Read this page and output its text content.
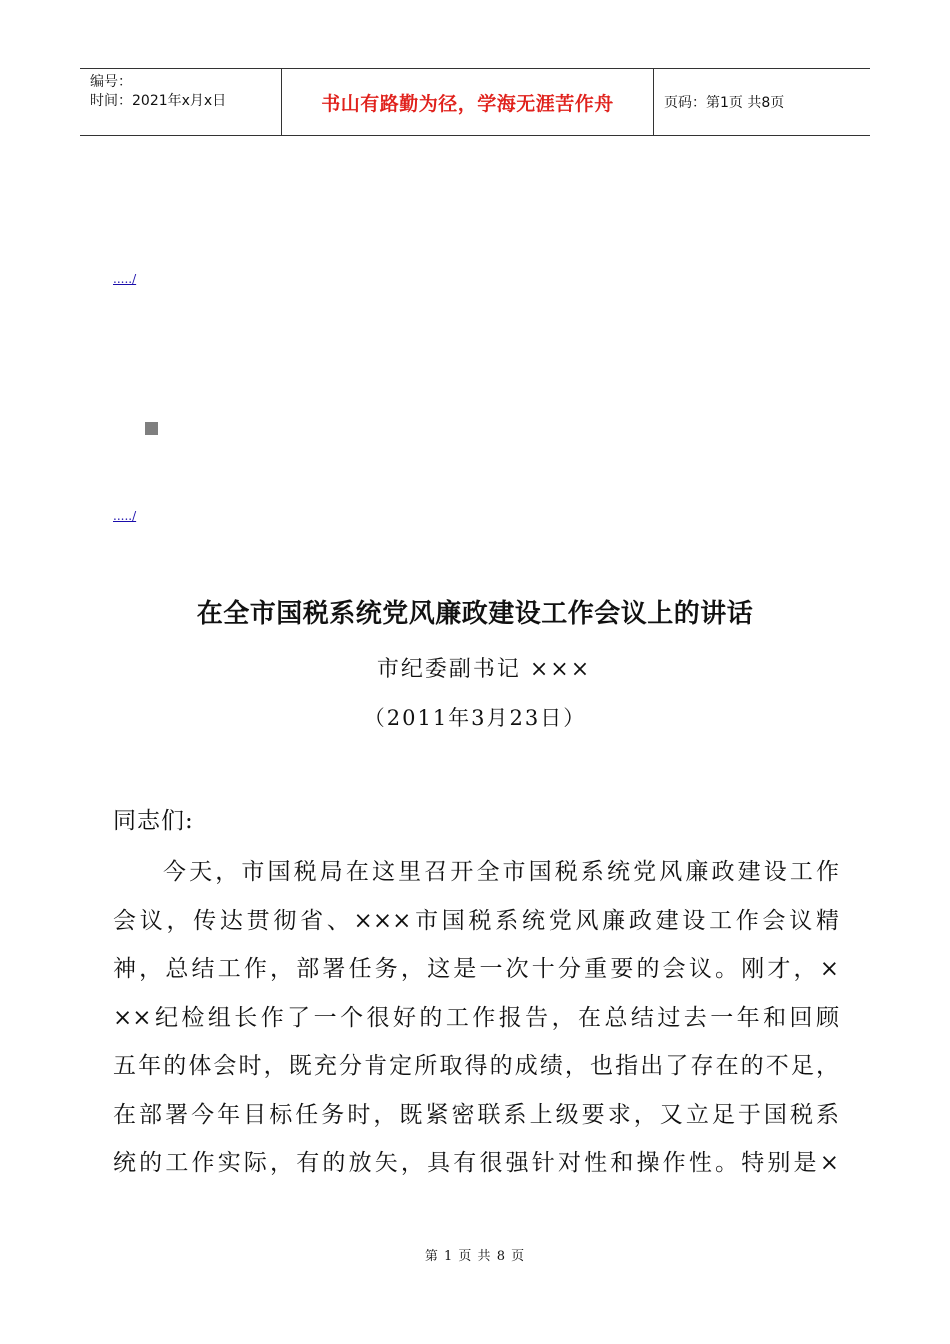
编号：
时间：2021年x月x日	书山有路勤为径，学海无涯苦作舟	页码：第1页 共8页
...../
...../
在全市国税系统党风廉政建设工作会议上的讲话
市纪委副书记 ×××
（2011年3月23日）
同志们:
今天，市国税局在这里召开全市国税系统党风廉政建设工作
会议，传达贯彻省、×××市国税系统党风廉政建设工作会议精
神，总结工作，部署任务，这是一次十分重要的会议。刚才，×
××纪检组长作了一个很好的工作报告，在总结过去一年和回顾
五年的体会时，既充分肯定所取得的成绩，也指出了存在的不足，
在部署今年目标任务时，既紧密联系上级要求，又立足于国税系
统的工作实际，有的放矢，具有很强针对性和操作性。特别是×
第 1 页 共 8 页
